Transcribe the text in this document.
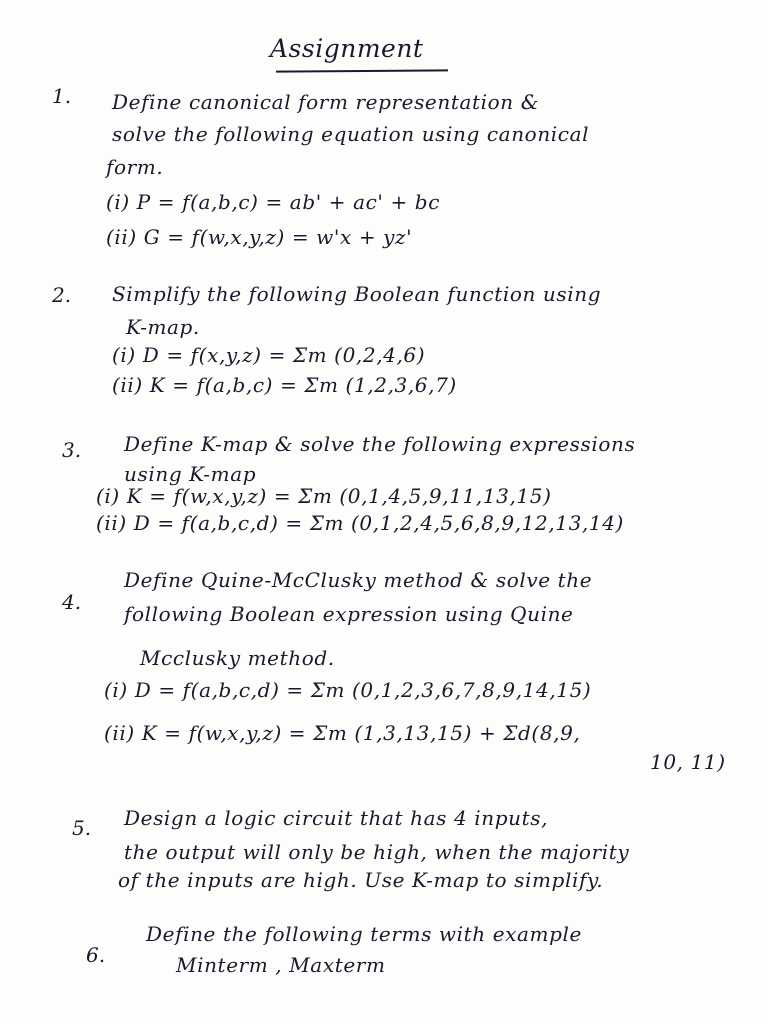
Assignment
1. Define canonical form representation &
solve the following equation using canonical
form.
(i) P = f(a,b,c) = ab' + ac' + bc
(ii) G = f(w,x,y,z) = w'x + yz'
2. Simplify the following Boolean function using
K-map.
(i) D = f(x,y,z) = Σm (0,2,4,6)
(ii) K = f(a,b,c) = Σm (1,2,3,6,7)
3. Define K-map & solve the following expressions
using K-map
(i) K = f(w,x,y,z) = Σm (0,1,4,5,9,11,13,15)
(ii) D = f(a,b,c,d) = Σm (0,1,2,4,5,6,8,9,12,13,14)
4.
Define Quine-McClusky method & solve the
following Boolean expression using Quine
Mcclusky method.
(i) D = f(a,b,c,d) = Σm (0,1,2,3,6,7,8,9,14,15)
(ii) K = f(w,x,y,z) = Σm (1,3,13,15) + Σd(8,9,
10, 11)
5. Design a logic circuit that has 4 inputs,
the output will only be high, when the majority
of the inputs are high. Use K-map to simplify.
6.
Define the following terms with example
Minterm , Maxterm
